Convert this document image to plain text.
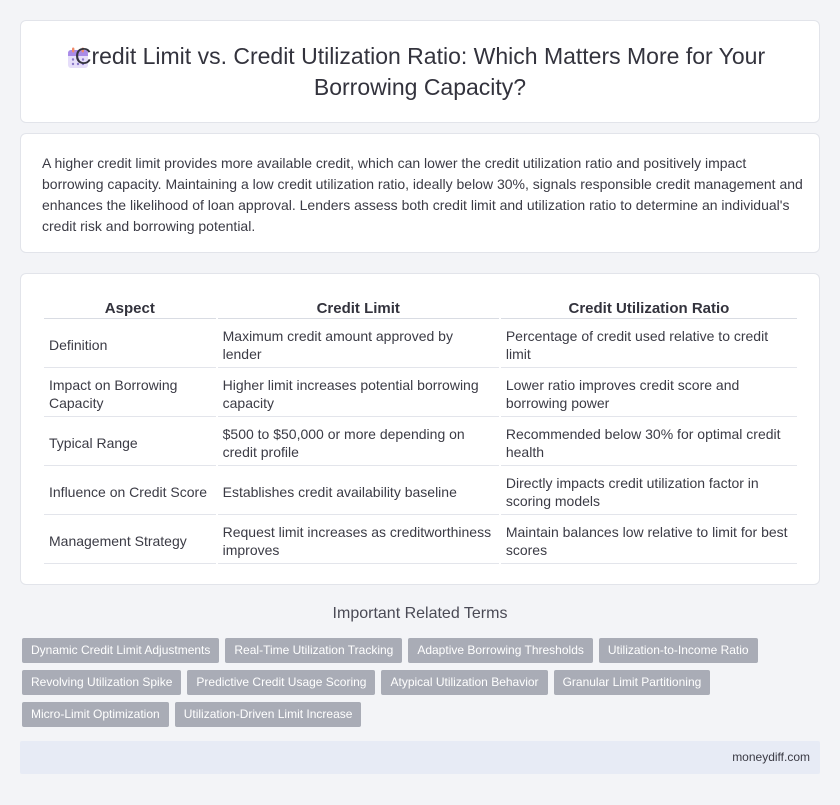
Credit Limit vs. Credit Utilization Ratio: Which Matters More for Your Borrowing Capacity?

A higher credit limit provides more available credit, which can lower the credit utilization ratio and positively impact borrowing capacity. Maintaining a low credit utilization ratio, ideally below 30%, signals responsible credit management and enhances the likelihood of loan approval. Lenders assess both credit limit and utilization ratio to determine an individual's credit risk and borrowing potential.

Aspect	Credit Limit	Credit Utilization Ratio
Definition	Maximum credit amount approved by lender	Percentage of credit used relative to credit limit
Impact on Borrowing Capacity	Higher limit increases potential borrowing capacity	Lower ratio improves credit score and borrowing power
Typical Range	$500 to $50,000 or more depending on credit profile	Recommended below 30% for optimal credit health
Influence on Credit Score	Establishes credit availability baseline	Directly impacts credit utilization factor in scoring models
Management Strategy	Request limit increases as creditworthiness improves	Maintain balances low relative to limit for best scores
Important Related Terms
Dynamic Credit Limit Adjustments	Real-Time Utilization Tracking	Adaptive Borrowing Thresholds	Utilization-to-Income Ratio
Revolving Utilization Spike	Predictive Credit Usage Scoring	Atypical Utilization Behavior	Granular Limit Partitioning
Micro-Limit Optimization	Utilization-Driven Limit Increase
moneydiff.com
